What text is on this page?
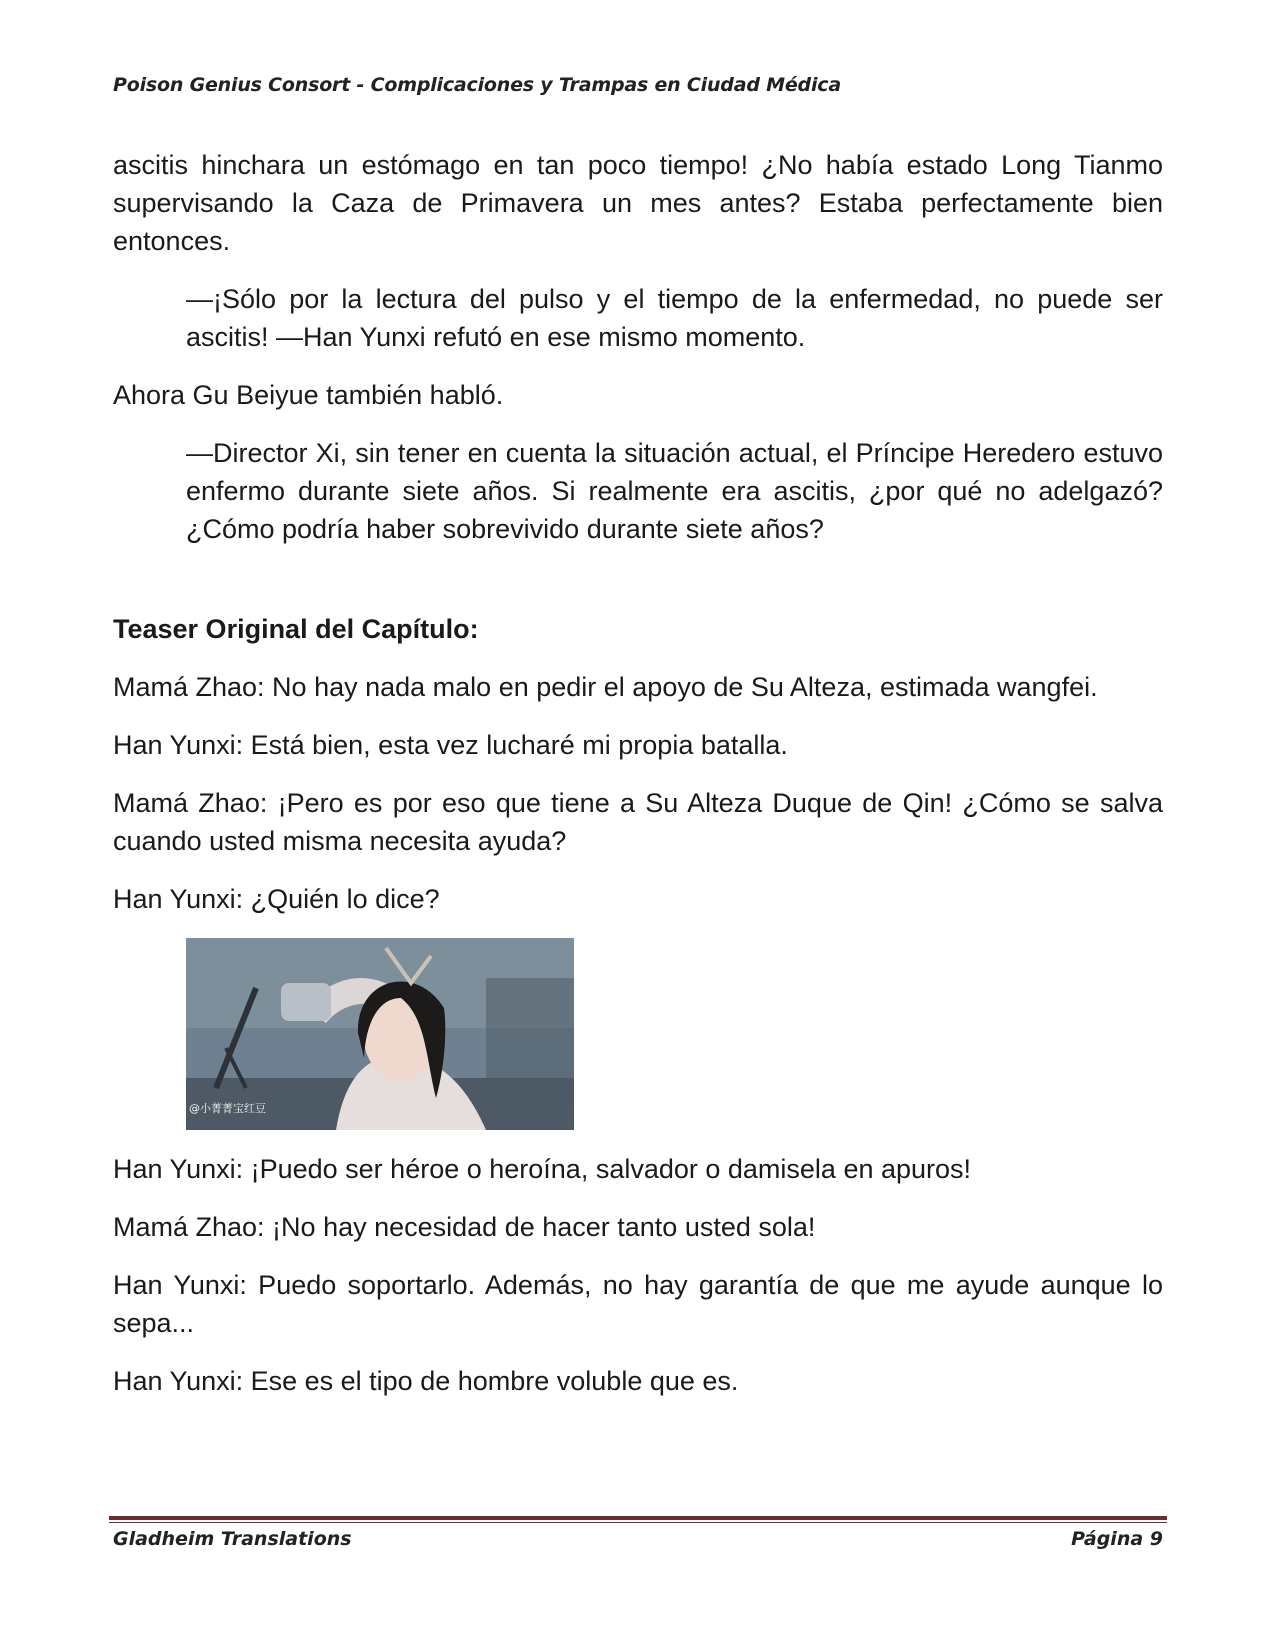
Poison Genius Consort - Complicaciones y Trampas en Ciudad Médica

ascitis hinchara un estómago en tan poco tiempo! ¿No había estado Long Tianmo supervisando la Caza de Primavera un mes antes? Estaba perfectamente bien entonces.

—¡Sólo por la lectura del pulso y el tiempo de la enfermedad, no puede ser ascitis! —Han Yunxi refutó en ese mismo momento.

Ahora Gu Beiyue también habló.

—Director Xi, sin tener en cuenta la situación actual, el Príncipe Heredero estuvo enfermo durante siete años. Si realmente era ascitis, ¿por qué no adelgazó? ¿Cómo podría haber sobrevivido durante siete años?

Teaser Original del Capítulo:

Mamá Zhao: No hay nada malo en pedir el apoyo de Su Alteza, estimada wangfei.

Han Yunxi: Está bien, esta vez lucharé mi propia batalla.

Mamá Zhao: ¡Pero es por eso que tiene a Su Alteza Duque de Qin! ¿Cómo se salva cuando usted misma necesita ayuda?

Han Yunxi: ¿Quién lo dice?

@小菁菁宝红豆

Han Yunxi: ¡Puedo ser héroe o heroína, salvador o damisela en apuros!

Mamá Zhao: ¡No hay necesidad de hacer tanto usted sola!

Han Yunxi: Puedo soportarlo. Además, no hay garantía de que me ayude aunque lo sepa...

Han Yunxi: Ese es el tipo de hombre voluble que es.

Gladheim Translations	Página 9
